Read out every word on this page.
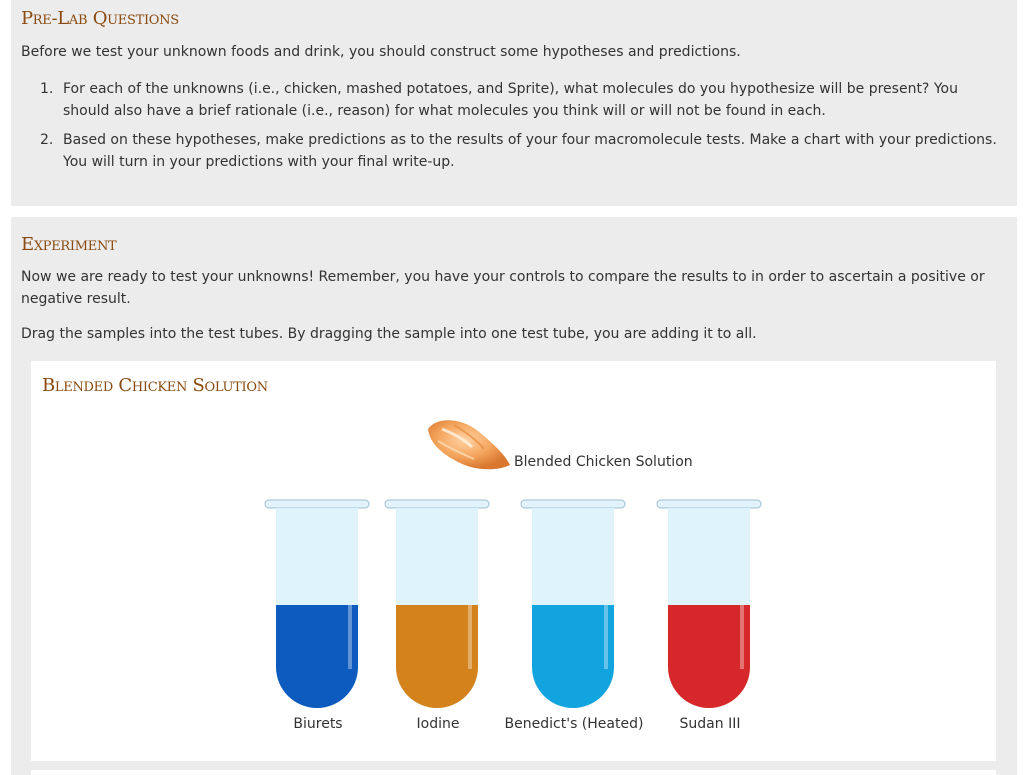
Pre-Lab Questions

Before we test your unknown foods and drink, you should construct some hypotheses and predictions.

1. For each of the unknowns (i.e., chicken, mashed potatoes, and Sprite), what molecules do you hypothesize will be present? You should also have a brief rationale (i.e., reason) for what molecules you think will or will not be found in each.
2. Based on these hypotheses, make predictions as to the results of your four macromolecule tests. Make a chart with your predictions. You will turn in your predictions with your final write-up.
Experiment

Now we are ready to test your unknowns! Remember, you have your controls to compare the results to in order to ascertain a positive or negative result.

Drag the samples into the test tubes. By dragging the sample into one test tube, you are adding it to all.

Blended Chicken Solution
Blended Chicken Solution
Biurets	Iodine	Benedict's (Heated)	Sudan III
